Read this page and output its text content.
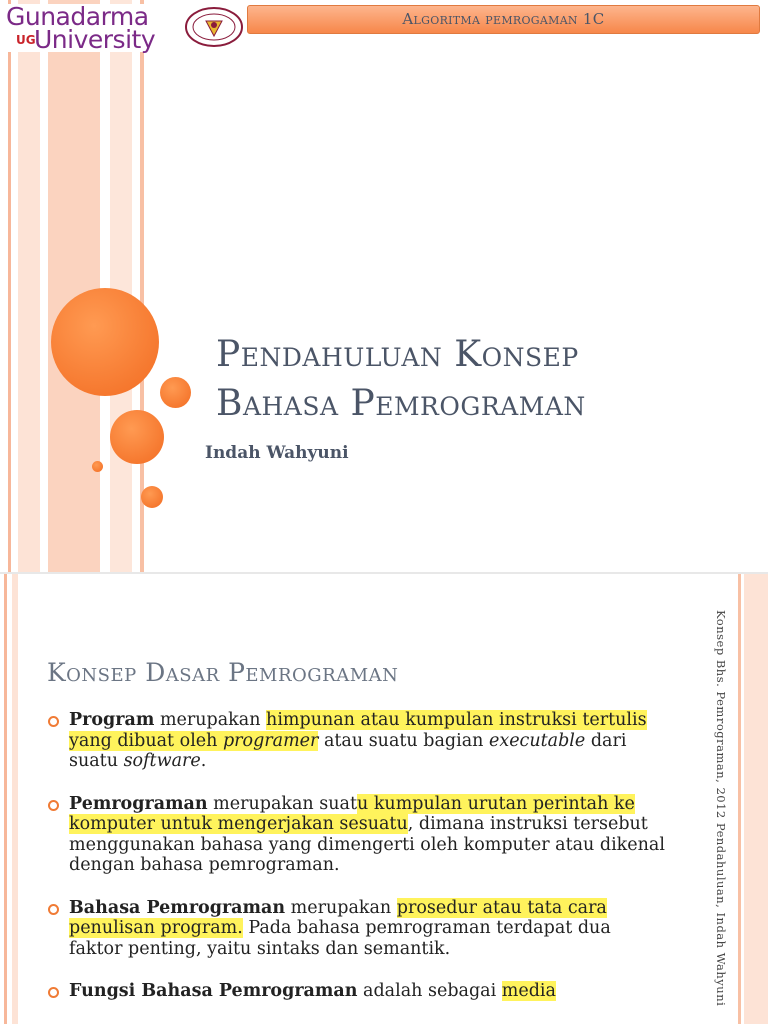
Gunadarma
UG
University
Algoritma pemrogaman 1C
Pendahuluan Konsep
Bahasa Pemrograman
Indah Wahyuni
Konsep Dasar Pemrograman
Program merupakan himpunan atau kumpulan instruksi tertulis yang dibuat oleh programer atau suatu bagian executable dari suatu software.
Pemrograman merupakan suatu kumpulan urutan perintah ke komputer untuk mengerjakan sesuatu, dimana instruksi tersebut menggunakan bahasa yang dimengerti oleh komputer atau dikenal dengan bahasa pemrograman.
Bahasa Pemrograman merupakan prosedur atau tata cara penulisan program. Pada bahasa pemrograman terdapat dua faktor penting, yaitu sintaks dan semantik.
Fungsi Bahasa Pemrograman adalah sebagai media	Konsep Bhs. Pemrograman, 2012 Pendahuluan, Indah Wahyuni
